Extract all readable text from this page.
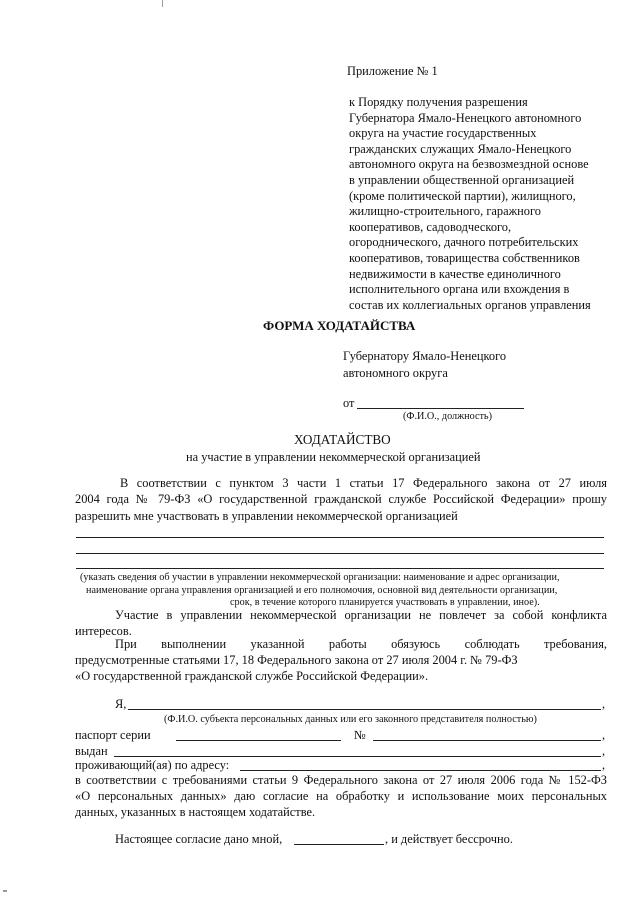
Приложение № 1
к Порядку получения разрешения
Губернатора Ямало-Ненецкого автономного
округа на участие государственных
гражданских служащих Ямало-Ненецкого
автономного округа на безвозмездной основе
в управлении общественной организацией
(кроме политической партии), жилищного,
жилищно-строительного, гаражного
кооперативов, садоводческого,
огороднического, дачного потребительских
кооперативов, товарищества собственников
недвижимости в качестве единоличного
исполнительного органа или вхождения в
состав их коллегиальных органов управления
ФОРМА ХОДАТАЙСТВА
Губернатору Ямало-Ненецкого
автономного округа
от
(Ф.И.О., должность)
ХОДАТАЙСТВО
на участие в управлении некоммерческой организацией
В соответствии с пунктом 3 части 1 статьи 17 Федерального закона от 27 июля
2004 года № 79-ФЗ «О государственной гражданской службе Российской Федерации» прошу
разрешить мне участвовать в управлении некоммерческой организацией
(указать сведения об участии в управлении некоммерческой организации: наименование и адрес организации,
наименование органа управления организацией и его полномочия, основной вид деятельности организации,
срок, в течение которого планируется участвовать в управлении, иное).
Участие в управлении некоммерческой организации не повлечет за собой конфликта
интересов.
При выполнении указанной работы обязуюсь соблюдать требования,
предусмотренные статьями 17, 18 Федерального закона от 27 июля 2004 г. № 79-ФЗ
«О государственной гражданской службе Российской Федерации».
Я,	,
(Ф.И.О. субъекта персональных данных или его законного представителя полностью)
паспорт серии	№	,
выдан	,
проживающий(ая) по адресу:	,
в соответствии с требованиями статьи 9 Федерального закона от 27 июля 2006 года № 152-ФЗ
«О персональных данных» даю согласие на обработку и использование моих персональных
данных, указанных в настоящем ходатайстве.
Настоящее согласие дано мной,	, и действует бессрочно.
